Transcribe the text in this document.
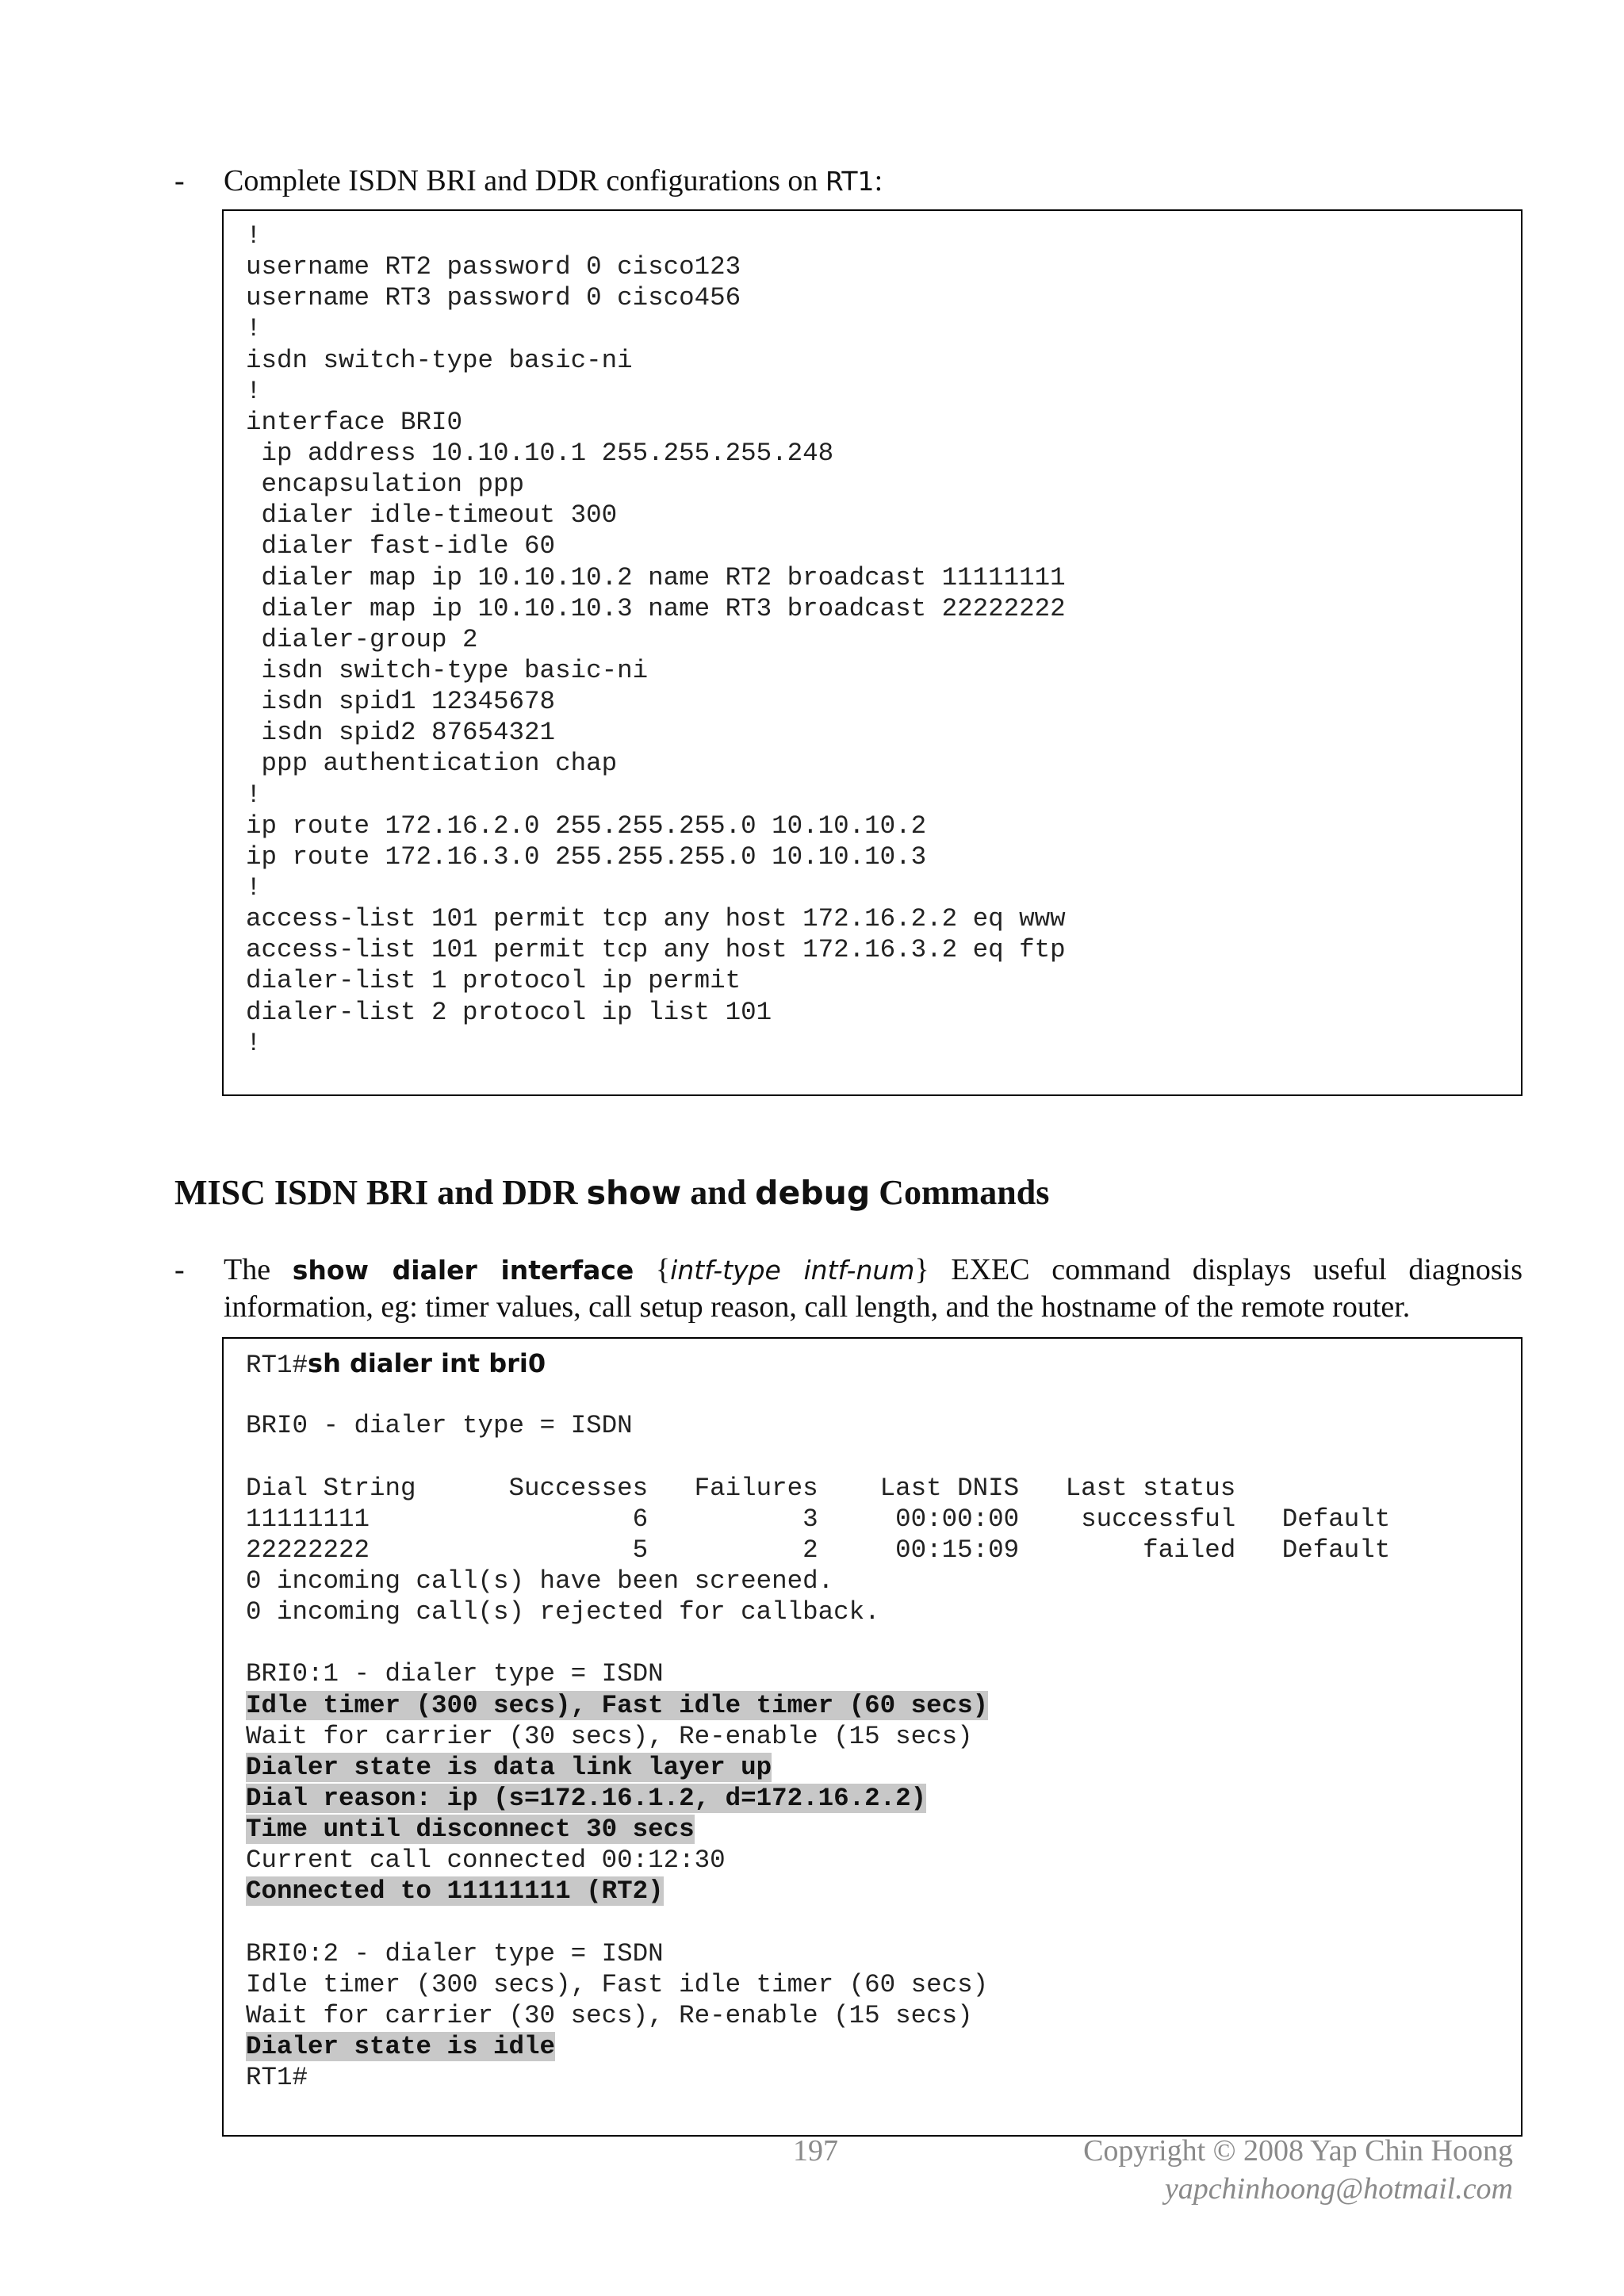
- Complete ISDN BRI and DDR configurations on RT1:
!
username RT2 password 0 cisco123
username RT3 password 0 cisco456
!
isdn switch-type basic-ni
!
interface BRI0
ip address 10.10.10.1 255.255.255.248
encapsulation ppp
dialer idle-timeout 300
dialer fast-idle 60
dialer map ip 10.10.10.2 name RT2 broadcast 11111111
dialer map ip 10.10.10.3 name RT3 broadcast 22222222
dialer-group 2
isdn switch-type basic-ni
isdn spid1 12345678
isdn spid2 87654321
ppp authentication chap
!
ip route 172.16.2.0 255.255.255.0 10.10.10.2
ip route 172.16.3.0 255.255.255.0 10.10.10.3
!
access-list 101 permit tcp any host 172.16.2.2 eq www
access-list 101 permit tcp any host 172.16.3.2 eq ftp
dialer-list 1 protocol ip permit
dialer-list 2 protocol ip list 101
!
MISC ISDN BRI and DDR show and debug Commands
- The show dialer interface {intf-type intf-num} EXEC command displays useful diagnosis information, eg: timer values, call setup reason, call length, and the hostname of the remote router.
RT1#sh dialer int bri0
BRI0 - dialer type = ISDN
Dial String      Successes   Failures    Last DNIS   Last status
11111111                 6          3     00:00:00    successful   Default
22222222                 5          2     00:15:09        failed   Default
0 incoming call(s) have been screened.
0 incoming call(s) rejected for callback.
BRI0:1 - dialer type = ISDN
Idle timer (300 secs), Fast idle timer (60 secs)
Wait for carrier (30 secs), Re-enable (15 secs)
Dialer state is data link layer up
Dial reason: ip (s=172.16.1.2, d=172.16.2.2)
Time until disconnect 30 secs
Current call connected 00:12:30
Connected to 11111111 (RT2)
BRI0:2 - dialer type = ISDN
Idle timer (300 secs), Fast idle timer (60 secs)
Wait for carrier (30 secs), Re-enable (15 secs)
Dialer state is idle
RT1#
197	Copyright © 2008 Yap Chin Hoong
yapchinhoong@hotmail.com
